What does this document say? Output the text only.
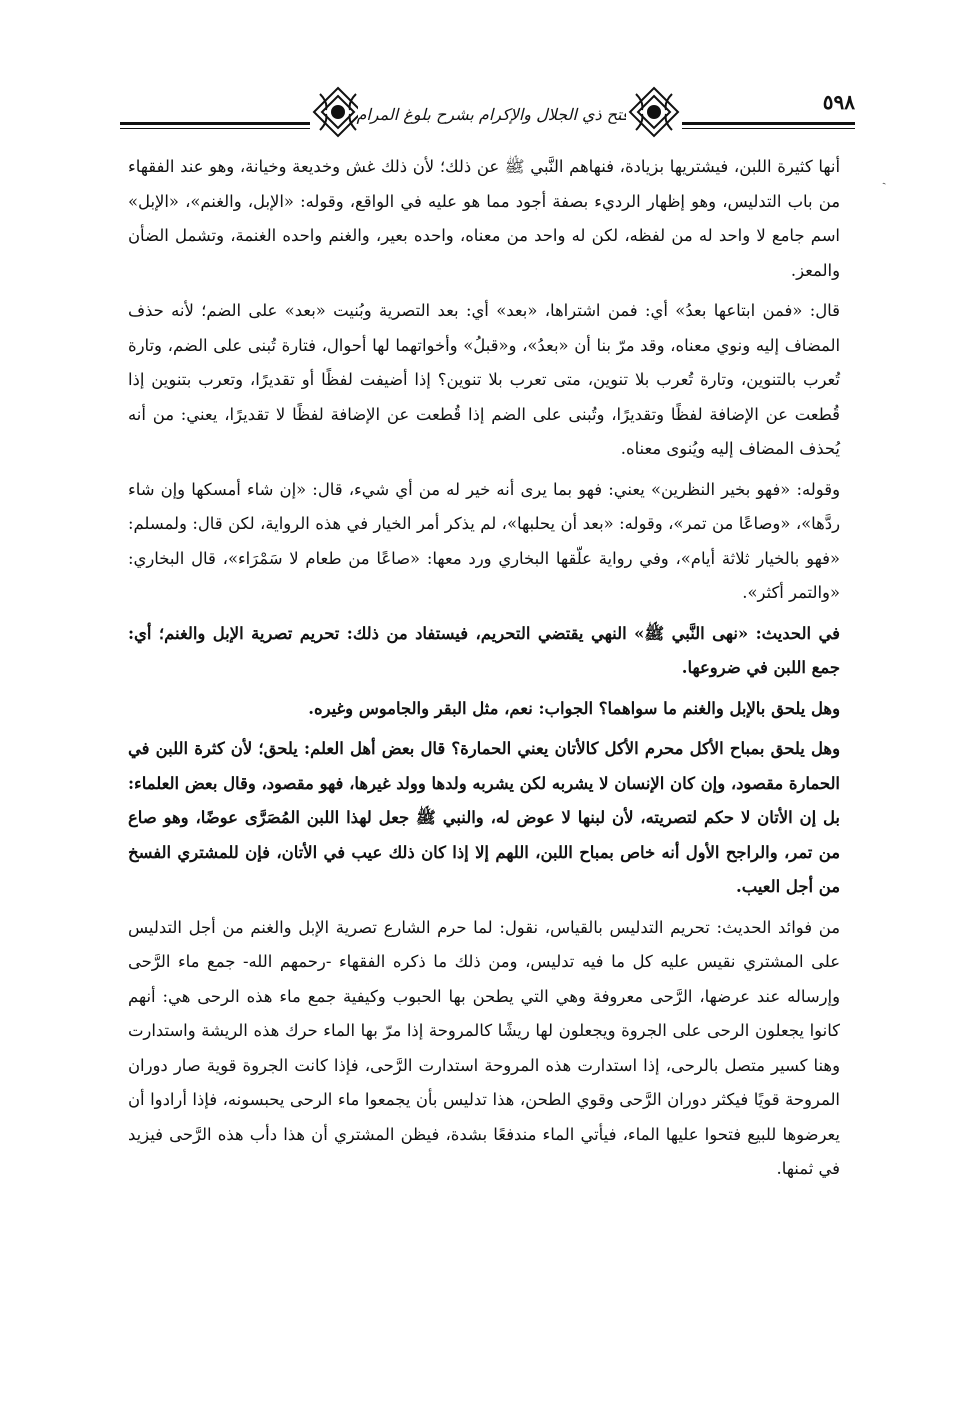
فتح ذي الجلال والإكرام بشرح بلوغ المرام	٥٩٨

أنها كثيرة اللبن، فيشتريها بزيادة، فنهاهم النَّبي ﷺ عن ذلك؛ لأن ذلك غش وخديعة وخيانة، وهو عند الفقهاء من باب التدليس، وهو إظهار الرديء بصفة أجود مما هو عليه في الواقع، وقوله: «الإبل، والغنم»، «الإبل» اسم جامع لا واحد له من لفظه، لكن له واحد من معناه، واحده بعير، والغنم واحده الغنمة، وتشمل الضأن والمعز.

قال: «فمن ابتاعها بعدُ» أي: فمن اشتراها، «بعد» أي: بعد التصرية وبُنيت «بعد» على الضم؛ لأنه حذف المضاف إليه ونوي معناه، وقد مرّ بنا أن «بعدُ»، و«قبلُ» وأخواتهما لها أحوال، فتارة تُبنى على الضم، وتارة تُعرب بالتنوين، وتارة تُعرب بلا تنوين، متى تعرب بلا تنوين؟ إذا أضيفت لفظًا أو تقديرًا، وتعرب بتنوين إذا قُطعت عن الإضافة لفظًا وتقديرًا، وتُبنى على الضم إذا قُطعت عن الإضافة لفظًا لا تقديرًا، يعني: من أنه يُحذف المضاف إليه ويُنوى معناه.

وقوله: «فهو بخير النظرين» يعني: فهو بما يرى أنه خير له من أي شيء، قال: «إن شاء أمسكها وإن شاء ردَّها»، «وصاعًا من تمر»، وقوله: «بعد أن يحلبها»، لم يذكر أمر الخيار في هذه الرواية، لكن قال: ولمسلم: «فهو بالخيار ثلاثة أيام»، وفي رواية علّقها البخاري ورد معها: «صاعًا من طعام لا سَمْرَاء»، قال البخاري: «والتمر أكثر».

في الحديث: «نهى النَّبي ﷺ» النهي يقتضي التحريم، فيستفاد من ذلك: تحريم تصرية الإبل والغنم؛ أي: جمع اللبن في ضروعها.

وهل يلحق بالإبل والغنم ما سواهما؟ الجواب: نعم، مثل البقر والجاموس وغيره.

وهل يلحق بمباح الأكل محرم الأكل كالأتان يعني الحمارة؟ قال بعض أهل العلم: يلحق؛ لأن كثرة اللبن في الحمارة مقصود، وإن كان الإنسان لا يشربه لكن يشربه ولدها وولد غيرها، فهو مقصود، وقال بعض العلماء: بل إن الأتان لا حكم لتصريته، لأن لبنها لا عوض له، والنبي ﷺ جعل لهذا اللبن المُصَرَّى عوضًا، وهو صاع من تمر، والراجح الأول أنه خاص بمباح اللبن، اللهم إلا إذا كان ذلك عيب في الأتان، فإن للمشتري الفسخ من أجل العيب.

من فوائد الحديث: تحريم التدليس بالقياس، نقول: لما حرم الشارع تصرية الإبل والغنم من أجل التدليس على المشتري نقيس عليه كل ما فيه تدليس، ومن ذلك ما ذكره الفقهاء -رحمهم الله- جمع ماء الرَّحى وإرساله عند عرضها، الرَّحى معروفة وهي التي يطحن بها الحبوب وكيفية جمع ماء هذه الرحى هي: أنهم كانوا يجعلون الرحى على الجروة ويجعلون لها ريشًا كالمروحة إذا مرّ بها الماء حرك هذه الريشة واستدارت وهنا كسير متصل بالرحى، إذا استدارت هذه المروحة استدارت الرَّحى، فإذا كانت الجروة قوية صار دوران المروحة قويًا فيكثر دوران الرَّحى وقوي الطحن، هذا تدليس بأن يجمعوا ماء الرحى يحبسونه، فإذا أرادوا أن يعرضوها للبيع فتحوا عليها الماء، فيأتي الماء مندفعًا بشدة، فيظن المشتري أن هذا دأب هذه الرَّحى فيزيد في ثمنها.

ˎ
